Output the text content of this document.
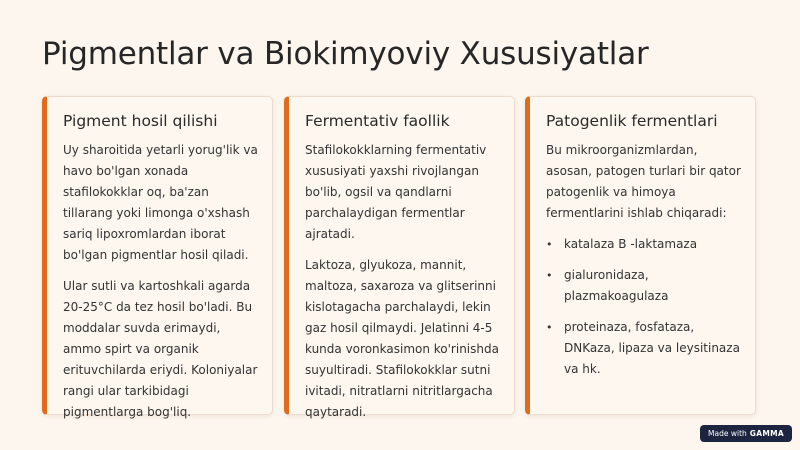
Pigmentlar va Biokimyoviy Xususiyatlar
Pigment hosil qilishi

Uy sharoitida yetarli yorug'lik va havo bo'lgan xonada stafilokokklar oq, ba'zan tillarang yoki limonga o'xshash sariq lipoxromlardan iborat bo'lgan pigmentlar hosil qiladi.

Ular sutli va kartoshkali agarda 20-25°C da tez hosil bo'ladi. Bu moddalar suvda erimaydi, ammo spirt va organik erituvchilarda eriydi. Koloniyalar rangi ular tarkibidagi pigmentlarga bog'liq.

Fermentativ faollik

Stafilokokklarning fermentativ xususiyati yaxshi rivojlangan bo'lib, ogsil va qandlarni parchalaydigan fermentlar ajratadi.

Laktoza, glyukoza, mannit, maltoza, saxaroza va glitserinni kislotagacha parchalaydi, lekin gaz hosil qilmaydi. Jelatinni 4-5 kunda voronkasimon ko'rinishda suyultiradi. Stafilokokklar sutni ivitadi, nitratlarni nitritlargacha qaytaradi.

Patogenlik fermentlari

Bu mikroorganizmlardan, asosan, patogen turlari bir qator patogenlik va himoya fermentlarini ishlab chiqaradi:

• katalaza B -laktamaza
• gialuronidaza, plazmakoagulaza
• proteinaza, fosfataza, DNKaza, lipaza va leysitinaza va hk.
Made with GAMMA
